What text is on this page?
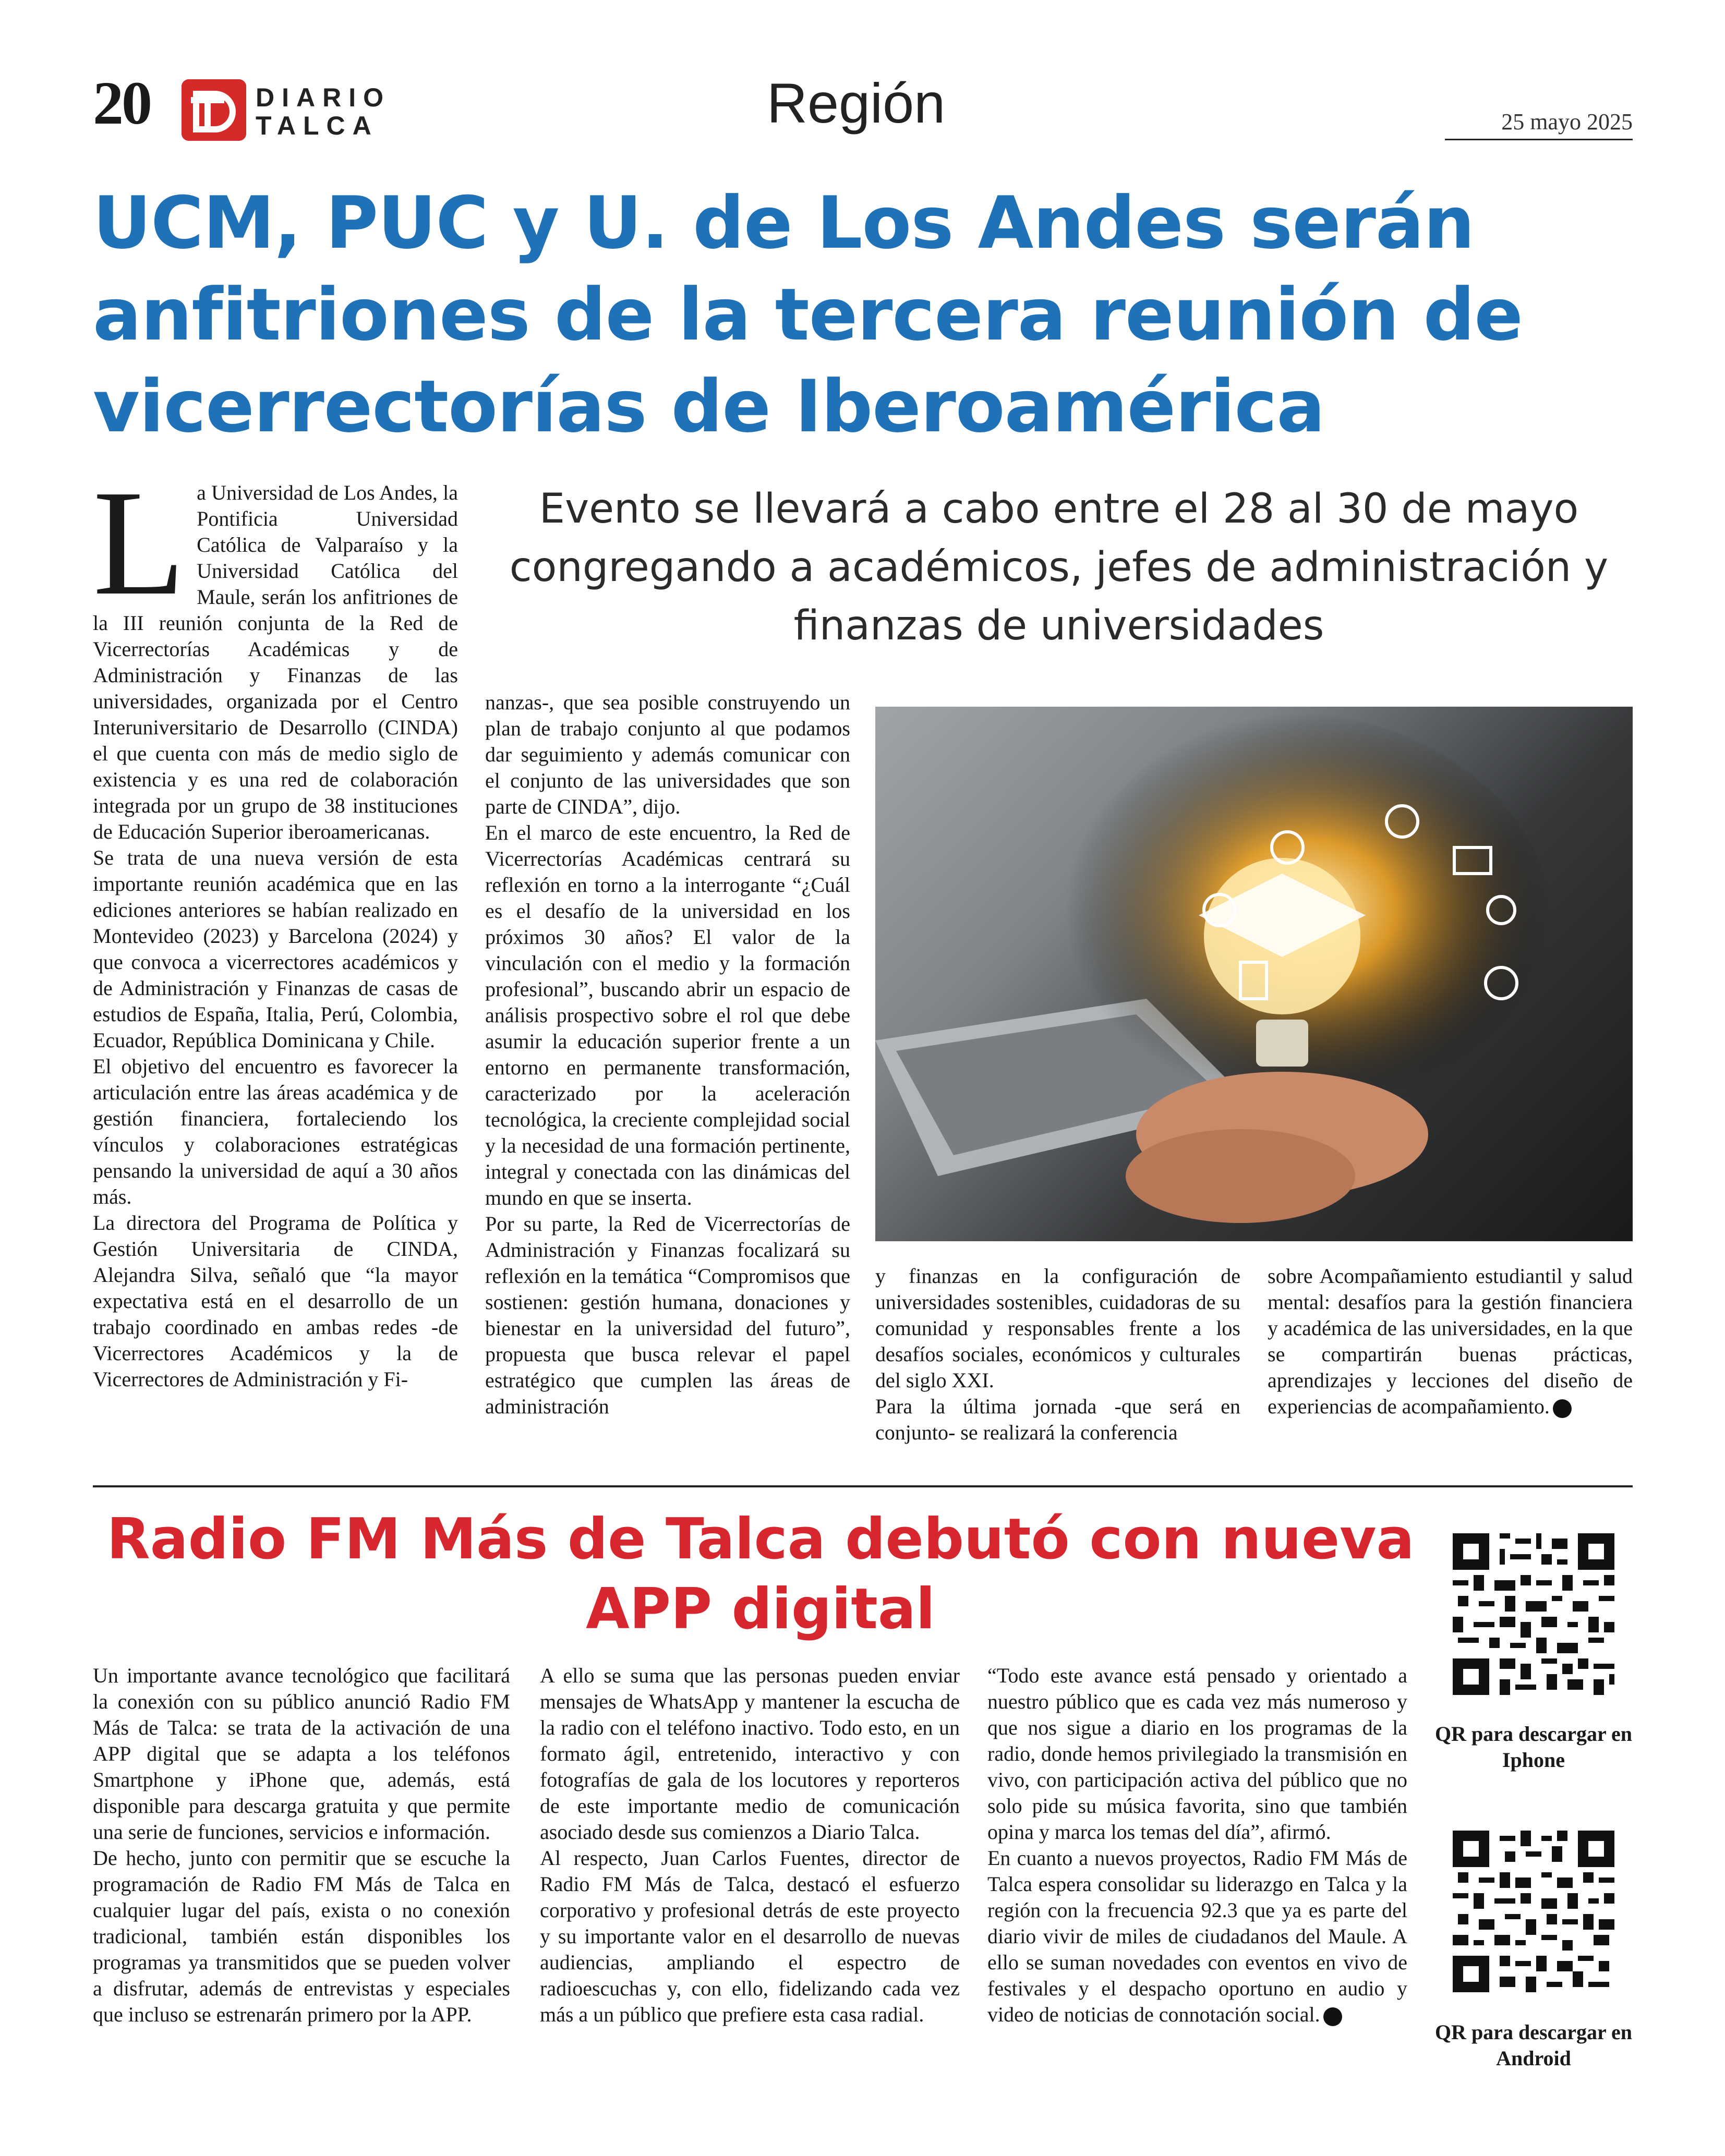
20	DIARIO
TALCA	Región	25 mayo 2025
UCM, PUC y U. de Los Andes serán anfitriones de la tercera reunión de vicerrectorías de Iberoamérica

La Universidad de Los Andes, la Pontificia Universidad Católica de Valparaíso y la Universidad Católica del Maule, serán los anfitriones de la III reunión conjunta de la Red de Vicerrectorías Académicas y de Administración y Finanzas de las universidades, organizada por el Centro Interuniversitario de Desarrollo (CINDA) el que cuenta con más de medio siglo de existencia y es una red de colaboración integrada por un grupo de 38 instituciones de Educación Superior iberoamericanas.

Se trata de una nueva versión de esta importante reunión académica que en las ediciones anteriores se habían realizado en Montevideo (2023) y Barcelona (2024) y que convoca a vicerrectores académicos y de Administración y Finanzas de casas de estudios de España, Italia, Perú, Colombia, Ecuador, República Dominicana y Chile.

El objetivo del encuentro es favorecer la articulación entre las áreas académica y de gestión financiera, fortaleciendo los vínculos y colaboraciones estratégicas pensando la universidad de aquí a 30 años más.

La directora del Programa de Política y Gestión Universitaria de CINDA, Alejandra Silva, señaló que “la mayor expectativa está en el desarrollo de un trabajo coordinado en ambas redes -de Vicerrectores Académicos y la de Vicerrectores de Administración y Fi-

Evento se llevará a cabo entre el 28 al 30 de mayo congregando a académicos, jefes de administración y finanzas de universidades

nanzas-, que sea posible construyendo un plan de trabajo conjunto al que podamos dar seguimiento y además comunicar con el conjunto de las universidades que son parte de CINDA”, dijo.

En el marco de este encuentro, la Red de Vicerrectorías Académicas centrará su reflexión en torno a la interrogante “¿Cuál es el desafío de la universidad en los próximos 30 años? El valor de la vinculación con el medio y la formación profesional”, buscando abrir un espacio de análisis prospectivo sobre el rol que debe asumir la educación superior frente a un entorno en permanente transformación, caracterizado por la aceleración tecnológica, la creciente complejidad social y la necesidad de una formación pertinente, integral y conectada con las dinámicas del mundo en que se inserta.

Por su parte, la Red de Vicerrectorías de Administración y Finanzas focalizará su reflexión en la temática “Compromisos que sostienen: gestión humana, donaciones y bienestar en la universidad del futuro”, propuesta que busca relevar el papel estratégico que cumplen las áreas de administración

y finanzas en la configuración de universidades sostenibles, cuidadoras de su comunidad y responsables frente a los desafíos sociales, económicos y culturales del siglo XXI.

Para la última jornada -que será en conjunto- se realizará la conferencia

sobre Acompañamiento estudiantil y salud mental: desafíos para la gestión financiera y académica de las universidades, en la que se compartirán buenas prácticas, aprendizajes y lecciones del diseño de experiencias de acompañamiento.

Radio FM Más de Talca debutó con nueva APP digital

Un importante avance tecnológico que facilitará la conexión con su público anunció Radio FM Más de Talca: se trata de la activación de una APP digital que se adapta a los teléfonos Smartphone y iPhone que, además, está disponible para descarga gratuita y que permite una serie de funciones, servicios e información.

De hecho, junto con permitir que se escuche la programación de Radio FM Más de Talca en cualquier lugar del país, exista o no conexión tradicional, también están disponibles los programas ya transmitidos que se pueden volver a disfrutar, además de entrevistas y especiales que incluso se estrenarán primero por la APP.

A ello se suma que las personas pueden enviar mensajes de WhatsApp y mantener la escucha de la radio con el teléfono inactivo. Todo esto, en un formato ágil, entretenido, interactivo y con fotografías de gala de los locutores y reporteros de este importante medio de comunicación asociado desde sus comienzos a Diario Talca.

Al respecto, Juan Carlos Fuentes, director de Radio FM Más de Talca, destacó el esfuerzo corporativo y profesional detrás de este proyecto y su importante valor en el desarrollo de nuevas audiencias, ampliando el espectro de radioescuchas y, con ello, fidelizando cada vez más a un público que prefiere esta casa radial.

“Todo este avance está pensado y orientado a nuestro público que es cada vez más numeroso y que nos sigue a diario en los programas de la radio, donde hemos privilegiado la transmisión en vivo, con participación activa del público que no solo pide su música favorita, sino que también opina y marca los temas del día”, afirmó.

En cuanto a nuevos proyectos, Radio FM Más de Talca espera consolidar su liderazgo en Talca y la región con la frecuencia 92.3 que ya es parte del diario vivir de miles de ciudadanos del Maule. A ello se suman novedades con eventos en vivo de festivales y el despacho oportuno en audio y video de noticias de connotación social.

QR para descargar en Iphone
QR para descargar en Android
